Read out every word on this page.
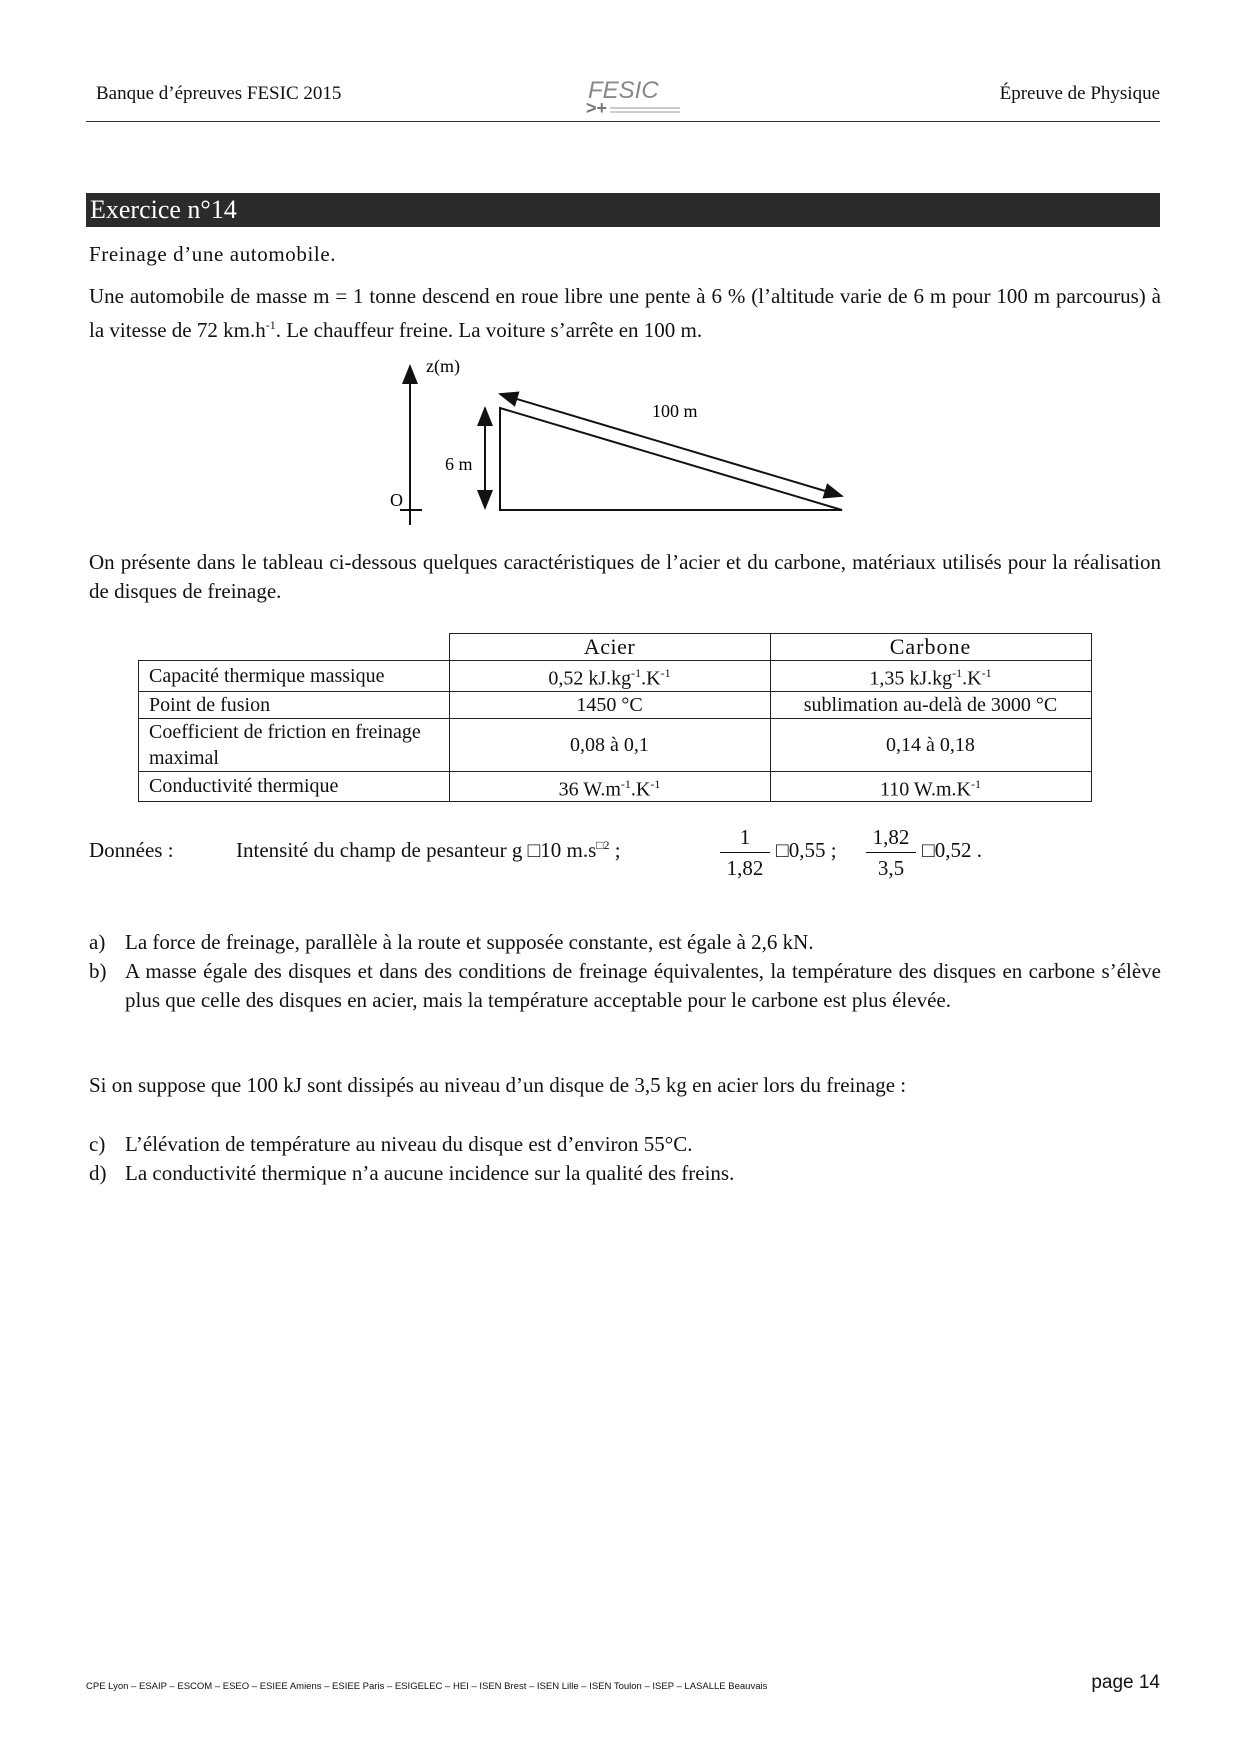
Banque d’épreuves FESIC 2015	FESIC
>+
Épreuve de Physique
Exercice n°14
Freinage d’une automobile.
Une automobile de masse m = 1 tonne descend en roue libre une pente à 6 % (l’altitude varie de 6 m pour 100 m parcourus) à la vitesse de 72 $km.h^{-1}$. Le chauffeur freine. La voiture s’arrête en 100 m.
z(m)
O
6 m
100 m
On présente dans le tableau ci-dessous quelques caractéristiques de l’acier et du carbone, matériaux utilisés pour la réalisation de disques de freinage.
	Acier	Carbone
Capacité thermique massique	0,52 $kJ.kg^{-1}.K^{-1}$	1,35 $kJ.kg^{-1}.K^{-1}$
Point de fusion	1450 °C	sublimation au-delà de 3000 °C
Coefficient de friction en freinage maximal	0,08 à 0,1	0,14 à 0,18
Conductivité thermique	36 $W.m^{-1}.K^{-1}$	110 $W.m.K^{-1}$
Données :	Intensité du champ de pesanteur g □10 $m.s^{□2}$ ;	$\frac{1}{1,82}$ □0,55 ; $\frac{1,82}{3,5}$ □0,52 .
a) La force de freinage, parallèle à la route et supposée constante, est égale à 2,6 kN.
b) A masse égale des disques et dans des conditions de freinage équivalentes, la température des disques en carbone s’élève plus que celle des disques en acier, mais la température acceptable pour le carbone est plus élevée.
Si on suppose que 100 kJ sont dissipés au niveau d’un disque de 3,5 kg en acier lors du freinage :
c) L’élévation de température au niveau du disque est d’environ 55°C.
d) La conductivité thermique n’a aucune incidence sur la qualité des freins.
CPE Lyon – ESAIP – ESCOM – ESEO – ESIEE Amiens – ESIEE Paris – ESIGELEC – HEI – ISEN Brest – ISEN Lille – ISEN Toulon – ISEP – LASALLE Beauvais	page 14
